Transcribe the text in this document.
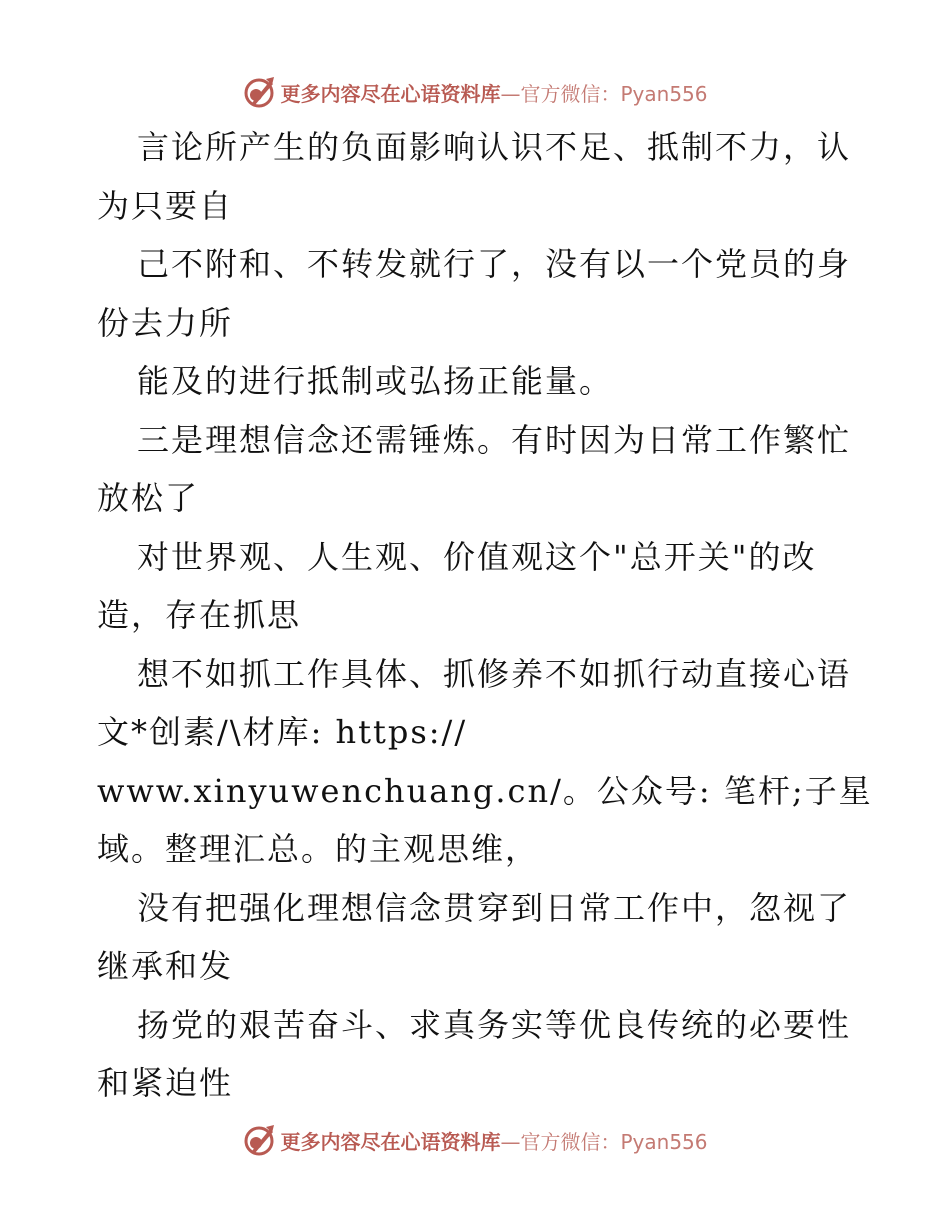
更多内容尽在心语资料库—官方微信：Pyan556
言论所产生的负面影响认识不足、抵制不力，认
为只要自
己不附和、不转发就行了，没有以一个党员的身
份去力所
能及的进行抵制或弘扬正能量。
三是理想信念还需锤炼。有时因为日常工作繁忙
放松了
对世界观、人生观、价值观这个"总开关"的改
造，存在抓思
想不如抓工作具体、抓修养不如抓行动直接心语
文*创素/\材库: https://
www.xinyuwenchuang.cn/。公众号: 笔杆;子星
域。整理汇总。的主观思维，
没有把强化理想信念贯穿到日常工作中，忽视了
继承和发
扬党的艰苦奋斗、求真务实等优良传统的必要性
和紧迫性
更多内容尽在心语资料库—官方微信：Pyan556
